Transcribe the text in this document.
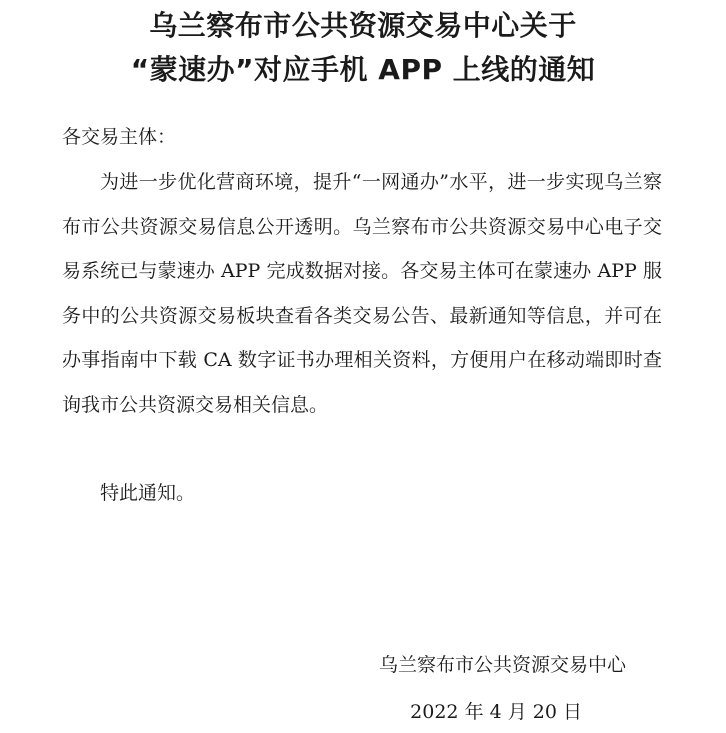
乌兰察布市公共资源交易中心关于
“蒙速办”对应手机 APP 上线的通知

各交易主体：

为进一步优化营商环境，提升“一网通办”水平，进一步实现乌兰察布市公共资源交易信息公开透明。乌兰察布市公共资源交易中心电子交易系统已与蒙速办 APP 完成数据对接。各交易主体可在蒙速办 APP 服务中的公共资源交易板块查看各类交易公告、最新通知等信息，并可在办事指南中下载 CA 数字证书办理相关资料，方便用户在移动端即时查询我市公共资源交易相关信息。

特此通知。

乌兰察布市公共资源交易中心

2022 年 4 月 20 日
